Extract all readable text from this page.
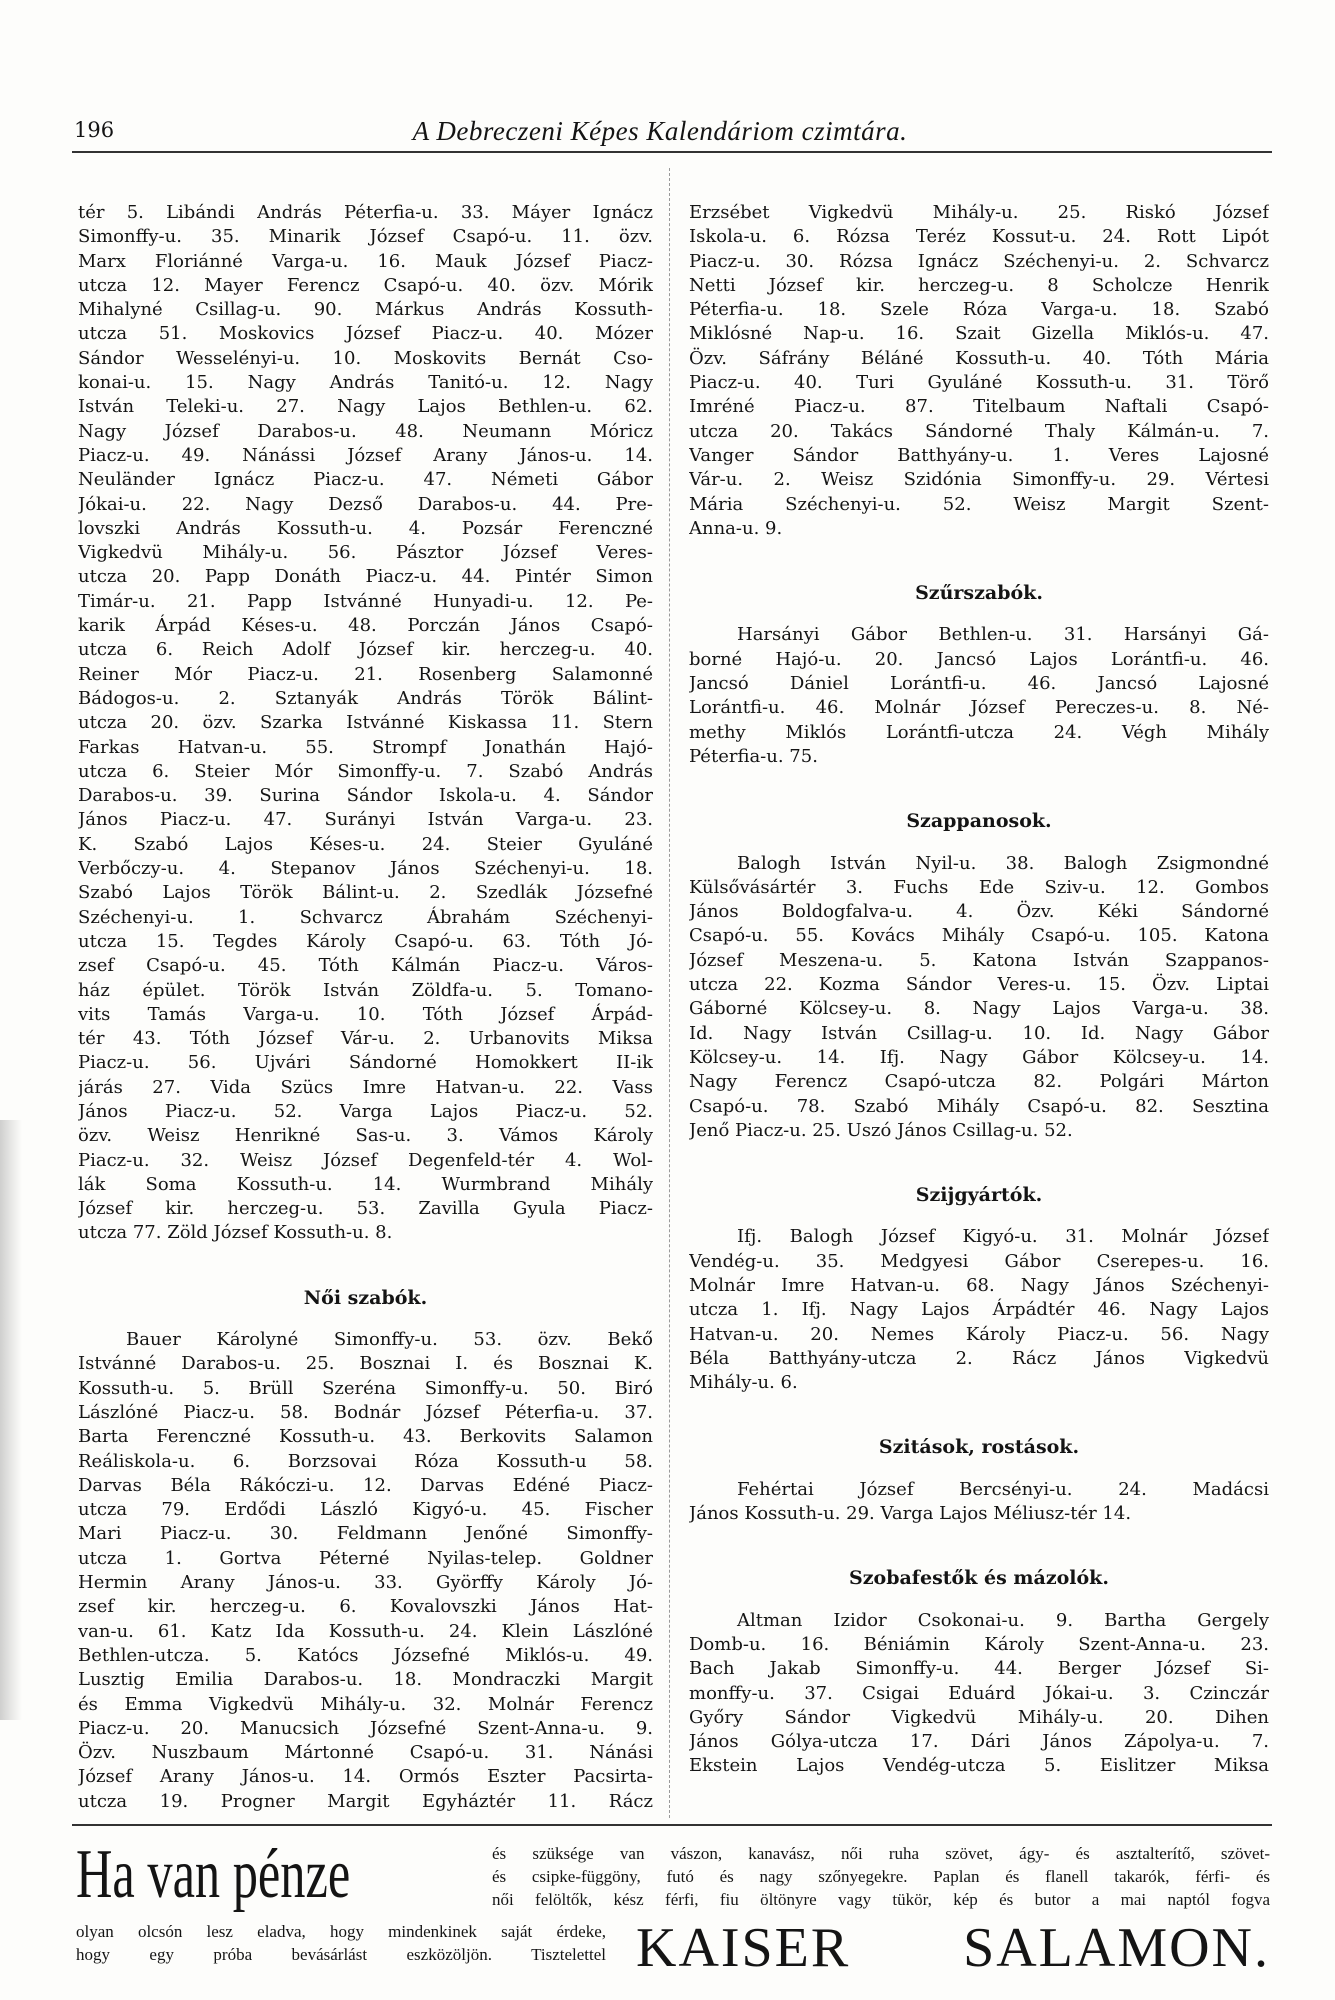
196	A Debreczeni Képes Kalendáriom czimtára.
tér 5. Libándi András Péterfia-u. 33. Máyer Ignácz
Simonffy-u. 35. Minarik József Csapó-u. 11. özv.
Marx Floriánné Varga-u. 16. Mauk József Piacz-
utcza 12. Mayer Ferencz Csapó-u. 40. özv. Mórik
Mihalyné Csillag-u. 90. Márkus András Kossuth-
utcza 51. Moskovics József Piacz-u. 40. Mózer
Sándor Wesselényi-u. 10. Moskovits Bernát Cso-
konai-u. 15. Nagy András Tanitó-u. 12. Nagy
István Teleki-u. 27. Nagy Lajos Bethlen-u. 62.
Nagy József Darabos-u. 48. Neumann Móricz
Piacz-u. 49. Nánássi József Arany János-u. 14.
Neuländer Ignácz Piacz-u. 47. Németi Gábor
Jókai-u. 22. Nagy Dezső Darabos-u. 44. Pre-
lovszki András Kossuth-u. 4. Pozsár Ferenczné
Vigkedvü Mihály-u. 56. Pásztor József Veres-
utcza 20. Papp Donáth Piacz-u. 44. Pintér Simon
Timár-u. 21. Papp Istvánné Hunyadi-u. 12. Pe-
karik Árpád Késes-u. 48. Porczán János Csapó-
utcza 6. Reich Adolf József kir. herczeg-u. 40.
Reiner Mór Piacz-u. 21. Rosenberg Salamonné
Bádogos-u. 2. Sztanyák András Török Bálint-
utcza 20. özv. Szarka Istvánné Kiskassa 11. Stern
Farkas Hatvan-u. 55. Strompf Jonathán Hajó-
utcza 6. Steier Mór Simonffy-u. 7. Szabó András
Darabos-u. 39. Surina Sándor Iskola-u. 4. Sándor
János Piacz-u. 47. Surányi István Varga-u. 23.
K. Szabó Lajos Késes-u. 24. Steier Gyuláné
Verbőczy-u. 4. Stepanov János Széchenyi-u. 18.
Szabó Lajos Török Bálint-u. 2. Szedlák Józsefné
Széchenyi-u. 1. Schvarcz Ábrahám Széchenyi-
utcza 15. Tegdes Károly Csapó-u. 63. Tóth Jó-
zsef Csapó-u. 45. Tóth Kálmán Piacz-u. Város-
ház épület. Török István Zöldfa-u. 5. Tomano-
vits Tamás Varga-u. 10. Tóth József Árpád-
tér 43. Tóth József Vár-u. 2. Urbanovits Miksa
Piacz-u. 56. Ujvári Sándorné Homokkert II-ik
járás 27. Vida Szücs Imre Hatvan-u. 22. Vass
János Piacz-u. 52. Varga Lajos Piacz-u. 52.
özv. Weisz Henrikné Sas-u. 3. Vámos Károly
Piacz-u. 32. Weisz József Degenfeld-tér 4. Wol-
lák Soma Kossuth-u. 14. Wurmbrand Mihály
József kir. herczeg-u. 53. Zavilla Gyula Piacz-
utcza 77. Zöld József Kossuth-u. 8.
Női szabók.
Bauer Károlyné Simonffy-u. 53. özv. Bekő
Istvánné Darabos-u. 25. Bosznai I. és Bosznai K.
Kossuth-u. 5. Brüll Szeréna Simonffy-u. 50. Biró
Lászlóné Piacz-u. 58. Bodnár József Péterfia-u. 37.
Barta Ferenczné Kossuth-u. 43. Berkovits Salamon
Reáliskola-u. 6. Borzsovai Róza Kossuth-u 58.
Darvas Béla Rákóczi-u. 12. Darvas Edéné Piacz-
utcza 79. Erdődi László Kigyó-u. 45. Fischer
Mari Piacz-u. 30. Feldmann Jenőné Simonffy-
utcza 1. Gortva Péterné Nyilas-telep. Goldner
Hermin Arany János-u. 33. Györffy Károly Jó-
zsef kir. herczeg-u. 6. Kovalovszki János Hat-
van-u. 61. Katz Ida Kossuth-u. 24. Klein Lászlóné
Bethlen-utcza. 5. Katócs Józsefné Miklós-u. 49.
Lusztig Emilia Darabos-u. 18. Mondraczki Margit
és Emma Vigkedvü Mihály-u. 32. Molnár Ferencz
Piacz-u. 20. Manucsich Józsefné Szent-Anna-u. 9.
Özv. Nuszbaum Mártonné Csapó-u. 31. Nánási
József Arany János-u. 14. Ormós Eszter Pacsirta-
utcza 19. Progner Margit Egyháztér 11. Rácz
Erzsébet Vigkedvü Mihály-u. 25. Riskó József
Iskola-u. 6. Rózsa Teréz Kossut-u. 24. Rott Lipót
Piacz-u. 30. Rózsa Ignácz Széchenyi-u. 2. Schvarcz
Netti József kir. herczeg-u. 8 Scholcze Henrik
Péterfia-u. 18. Szele Róza Varga-u. 18. Szabó
Miklósné Nap-u. 16. Szait Gizella Miklós-u. 47.
Özv. Sáfrány Béláné Kossuth-u. 40. Tóth Mária
Piacz-u. 40. Turi Gyuláné Kossuth-u. 31. Törő
Imréné Piacz-u. 87. Titelbaum Naftali Csapó-
utcza 20. Takács Sándorné Thaly Kálmán-u. 7.
Vanger Sándor Batthyány-u. 1. Veres Lajosné
Vár-u. 2. Weisz Szidónia Simonffy-u. 29. Vértesi
Mária Széchenyi-u. 52. Weisz Margit Szent-
Anna-u. 9.
Szűrszabók.
Harsányi Gábor Bethlen-u. 31. Harsányi Gá-
borné Hajó-u. 20. Jancsó Lajos Lorántfi-u. 46.
Jancsó Dániel Lorántfi-u. 46. Jancsó Lajosné
Lorántfi-u. 46. Molnár József Pereczes-u. 8. Né-
methy Miklós Lorántfi-utcza 24. Végh Mihály
Péterfia-u. 75.
Szappanosok.
Balogh István Nyil-u. 38. Balogh Zsigmondné
Külsővásártér 3. Fuchs Ede Sziv-u. 12. Gombos
János Boldogfalva-u. 4. Özv. Kéki Sándorné
Csapó-u. 55. Kovács Mihály Csapó-u. 105. Katona
József Meszena-u. 5. Katona István Szappanos-
utcza 22. Kozma Sándor Veres-u. 15. Özv. Liptai
Gáborné Kölcsey-u. 8. Nagy Lajos Varga-u. 38.
Id. Nagy István Csillag-u. 10. Id. Nagy Gábor
Kölcsey-u. 14. Ifj. Nagy Gábor Kölcsey-u. 14.
Nagy Ferencz Csapó-utcza 82. Polgári Márton
Csapó-u. 78. Szabó Mihály Csapó-u. 82. Sesztina
Jenő Piacz-u. 25. Uszó János Csillag-u. 52.
Szijgyártók.
Ifj. Balogh József Kigyó-u. 31. Molnár József
Vendég-u. 35. Medgyesi Gábor Cserepes-u. 16.
Molnár Imre Hatvan-u. 68. Nagy János Széchenyi-
utcza 1. Ifj. Nagy Lajos Árpádtér 46. Nagy Lajos
Hatvan-u. 20. Nemes Károly Piacz-u. 56. Nagy
Béla Batthyány-utcza 2. Rácz János Vigkedvü
Mihály-u. 6.
Szitások, rostások.
Fehértai József Bercsényi-u. 24. Madácsi
János Kossuth-u. 29. Varga Lajos Méliusz-tér 14.
Szobafestők és mázolók.
Altman Izidor Csokonai-u. 9. Bartha Gergely
Domb-u. 16. Béniámin Károly Szent-Anna-u. 23.
Bach Jakab Simonffy-u. 44. Berger József Si-
monffy-u. 37. Csigai Eduárd Jókai-u. 3. Czinczár
Győry Sándor Vigkedvü Mihály-u. 20. Dihen
János Gólya-utcza 17. Dári János Zápolya-u. 7.
Ekstein Lajos Vendég-utcza 5. Eislitzer Miksa
Ha van pénze	és szüksége van vászon, kanavász, női ruha szövet, ágy- és asztalterítő, szövet-
és csipke-függöny, futó és nagy szőnyegekre. Paplan és flanell takarók, férfi- és
női felöltők, kész férfi, fiu öltönyre vagy tükör, kép és butor a mai naptól fogva
olyan olcsón lesz eladva, hogy mindenkinek saját érdeke,
hogy egy próba bevásárlást eszközöljön. Tisztelettel KAISER SALAMON.
